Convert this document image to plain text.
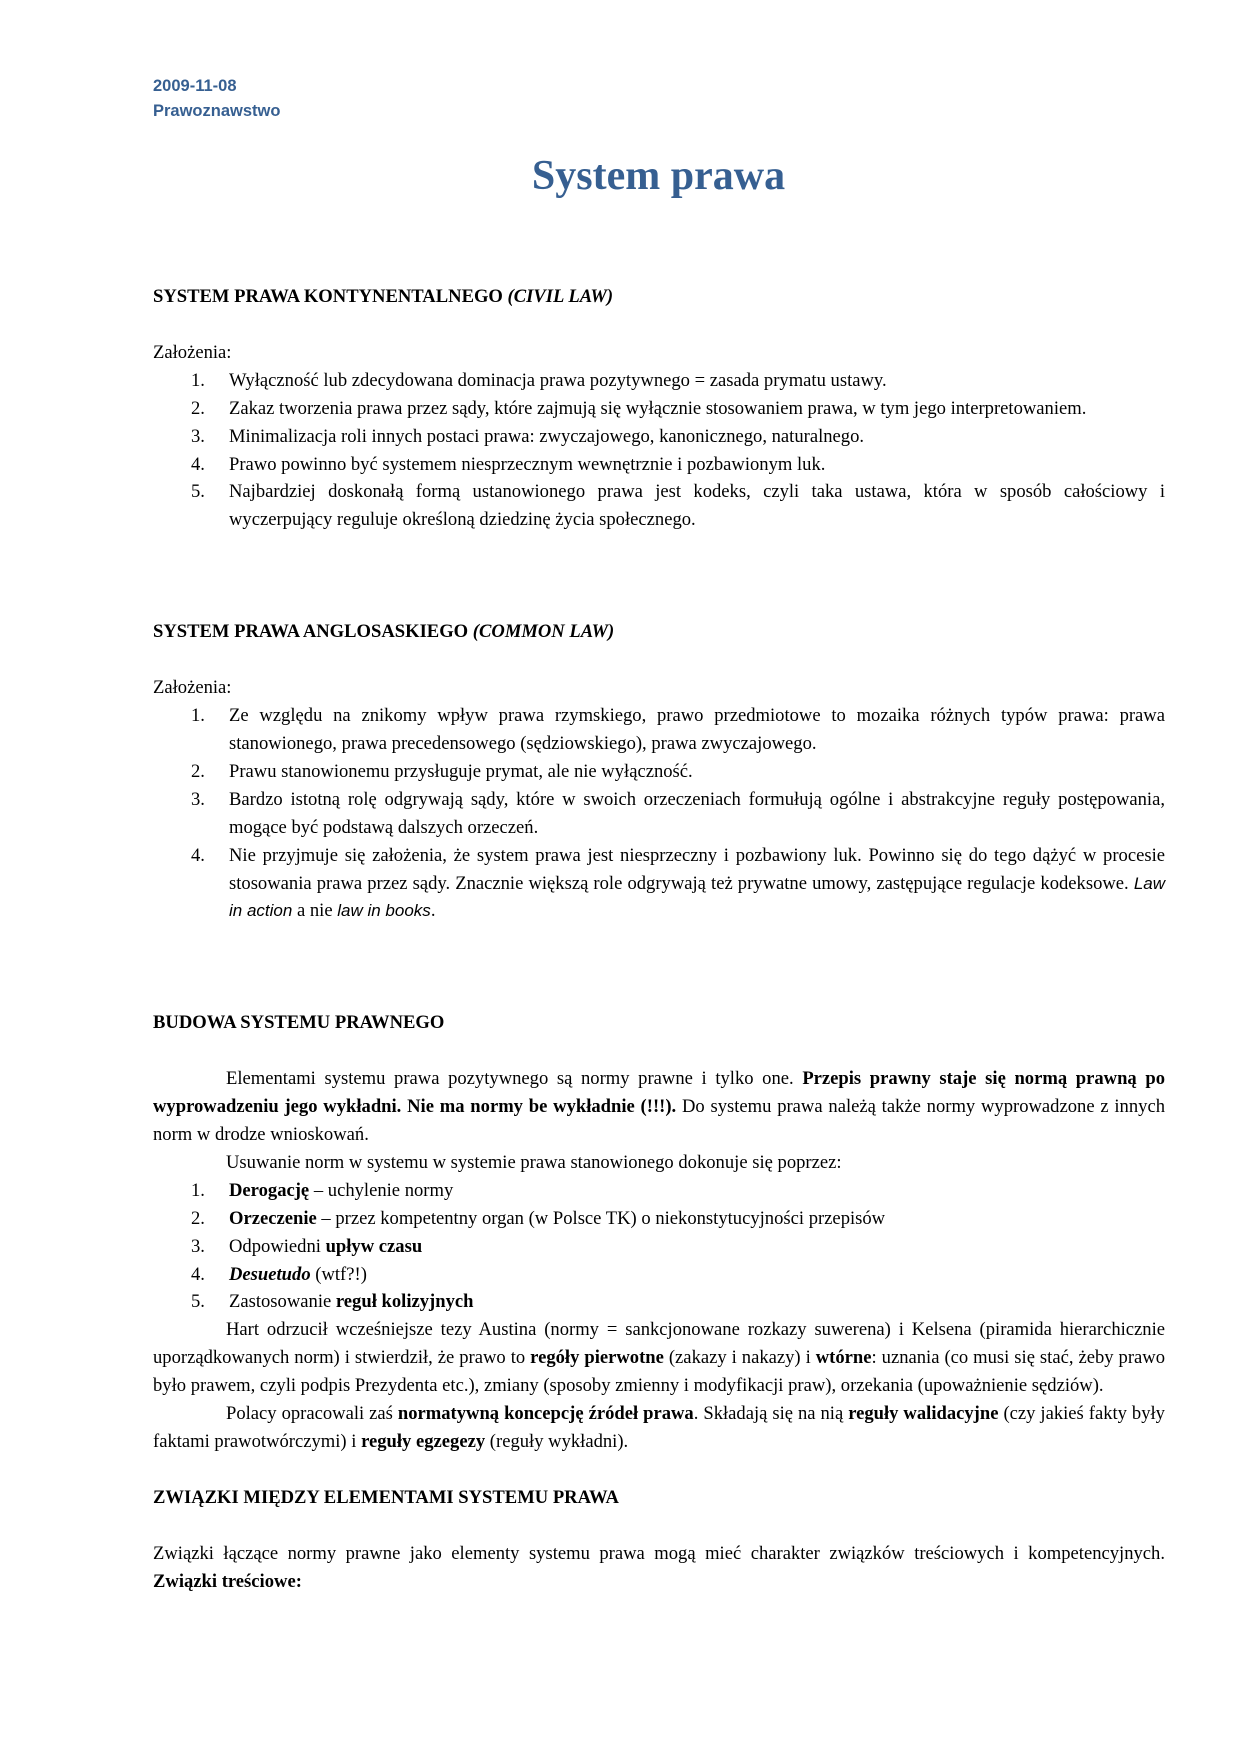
2009-11-08
Prawoznawstwo
System prawa

SYSTEM PRAWA KONTYNENTALNEGO (CIVIL LAW)

Założenia:

1. Wyłączność lub zdecydowana dominacja prawa pozytywnego = zasada prymatu ustawy.
2. Zakaz tworzenia prawa przez sądy, które zajmują się wyłącznie stosowaniem prawa, w tym jego interpretowaniem.
3. Minimalizacja roli innych postaci prawa: zwyczajowego, kanonicznego, naturalnego.
4. Prawo powinno być systemem niesprzecznym wewnętrznie i pozbawionym luk.
5. Najbardziej doskonałą formą ustanowionego prawa jest kodeks, czyli taka ustawa, która w sposób całościowy i wyczerpujący reguluje określoną dziedzinę życia społecznego.

SYSTEM PRAWA ANGLOSASKIEGO (COMMON LAW)

Założenia:

1. Ze względu na znikomy wpływ prawa rzymskiego, prawo przedmiotowe to mozaika różnych typów prawa: prawa stanowionego, prawa precedensowego (sędziowskiego), prawa zwyczajowego.
2. Prawu stanowionemu przysługuje prymat, ale nie wyłączność.
3. Bardzo istotną rolę odgrywają sądy, które w swoich orzeczeniach formułują ogólne i abstrakcyjne reguły postępowania, mogące być podstawą dalszych orzeczeń.
4. Nie przyjmuje się założenia, że system prawa jest niesprzeczny i pozbawiony luk. Powinno się do tego dążyć w procesie stosowania prawa przez sądy. Znacznie większą role odgrywają też prywatne umowy, zastępujące regulacje kodeksowe. Law in action a nie law in books.

BUDOWA SYSTEMU PRAWNEGO

Elementami systemu prawa pozytywnego są normy prawne i tylko one. Przepis prawny staje się normą prawną po wyprowadzeniu jego wykładni. Nie ma normy be wykładnie (!!!). Do systemu prawa należą także normy wyprowadzone z innych norm w drodze wnioskowań.

Usuwanie norm w systemu w systemie prawa stanowionego dokonuje się poprzez:

1. Derogację – uchylenie normy
2. Orzeczenie – przez kompetentny organ (w Polsce TK) o niekonstytucyjności przepisów
3. Odpowiedni upływ czasu
4. Desuetudo (wtf?!)
5. Zastosowanie reguł kolizyjnych

Hart odrzucił wcześniejsze tezy Austina (normy = sankcjonowane rozkazy suwerena) i Kelsena (piramida hierarchicznie uporządkowanych norm) i stwierdził, że prawo to regóły pierwotne (zakazy i nakazy) i wtórne: uznania (co musi się stać, żeby prawo było prawem, czyli podpis Prezydenta etc.), zmiany (sposoby zmienny i modyfikacji praw), orzekania (upoważnienie sędziów).

Polacy opracowali zaś normatywną koncepcję źródeł prawa. Składają się na nią reguły walidacyjne (czy jakieś fakty były faktami prawotwórczymi) i reguły egzegezy (reguły wykładni).

ZWIĄZKI MIĘDZY ELEMENTAMI SYSTEMU PRAWA

Związki łączące normy prawne jako elementy systemu prawa mogą mieć charakter związków treściowych i kompetencyjnych. Związki treściowe:
